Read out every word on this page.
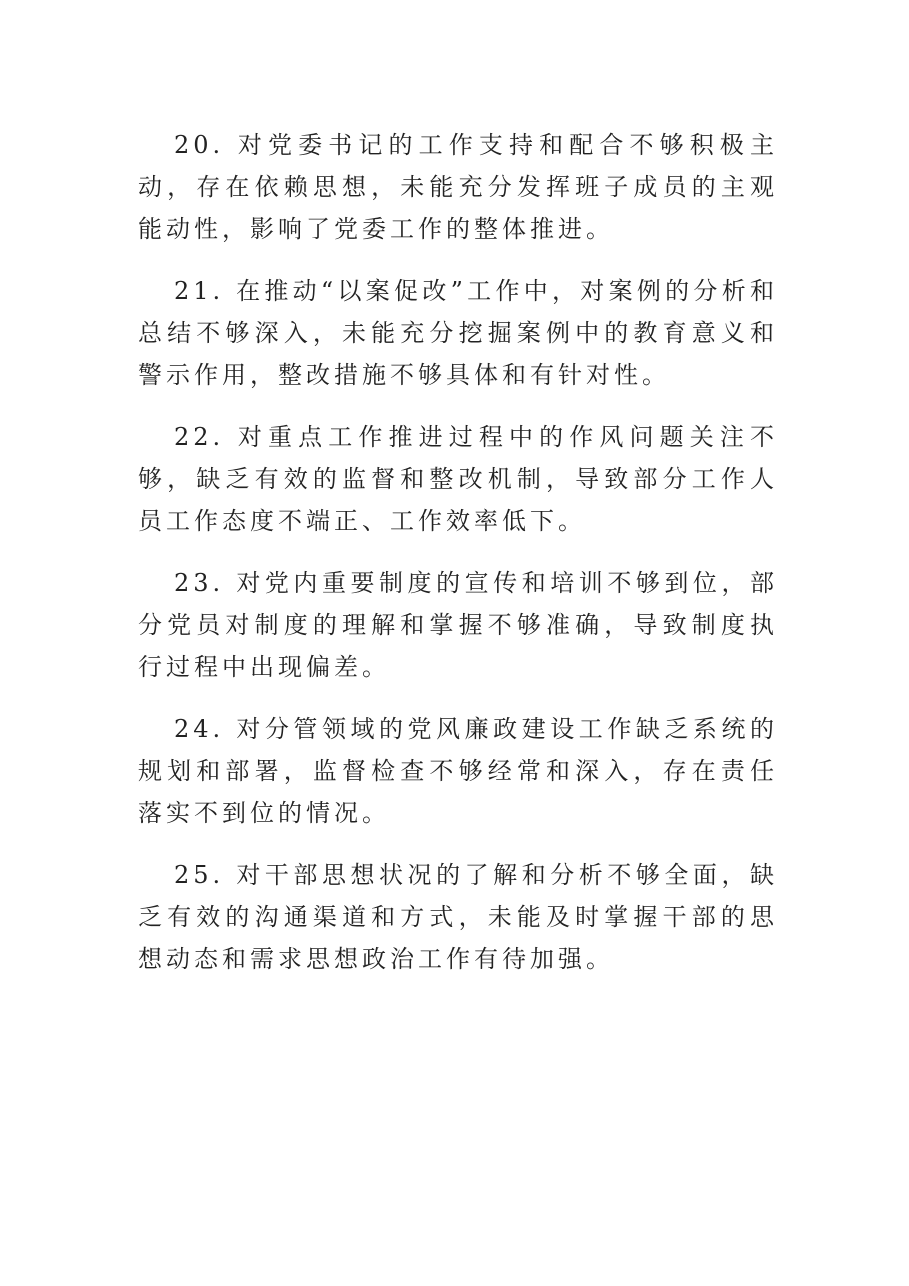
20. 对党委书记的工作支持和配合不够积极主动，存在依赖思想，未能充分发挥班子成员的主观能动性，影响了党委工作的整体推进。

21. 在推动“以案促改”工作中，对案例的分析和总结不够深入，未能充分挖掘案例中的教育意义和警示作用，整改措施不够具体和有针对性。

22. 对重点工作推进过程中的作风问题关注不够，缺乏有效的监督和整改机制，导致部分工作人员工作态度不端正、工作效率低下。

23. 对党内重要制度的宣传和培训不够到位，部分党员对制度的理解和掌握不够准确，导致制度执行过程中出现偏差。

24. 对分管领域的党风廉政建设工作缺乏系统的规划和部署，监督检查不够经常和深入，存在责任落实不到位的情况。

25. 对干部思想状况的了解和分析不够全面，缺乏有效的沟通渠道和方式，未能及时掌握干部的思想动态和需求思想政治工作有待加强。
